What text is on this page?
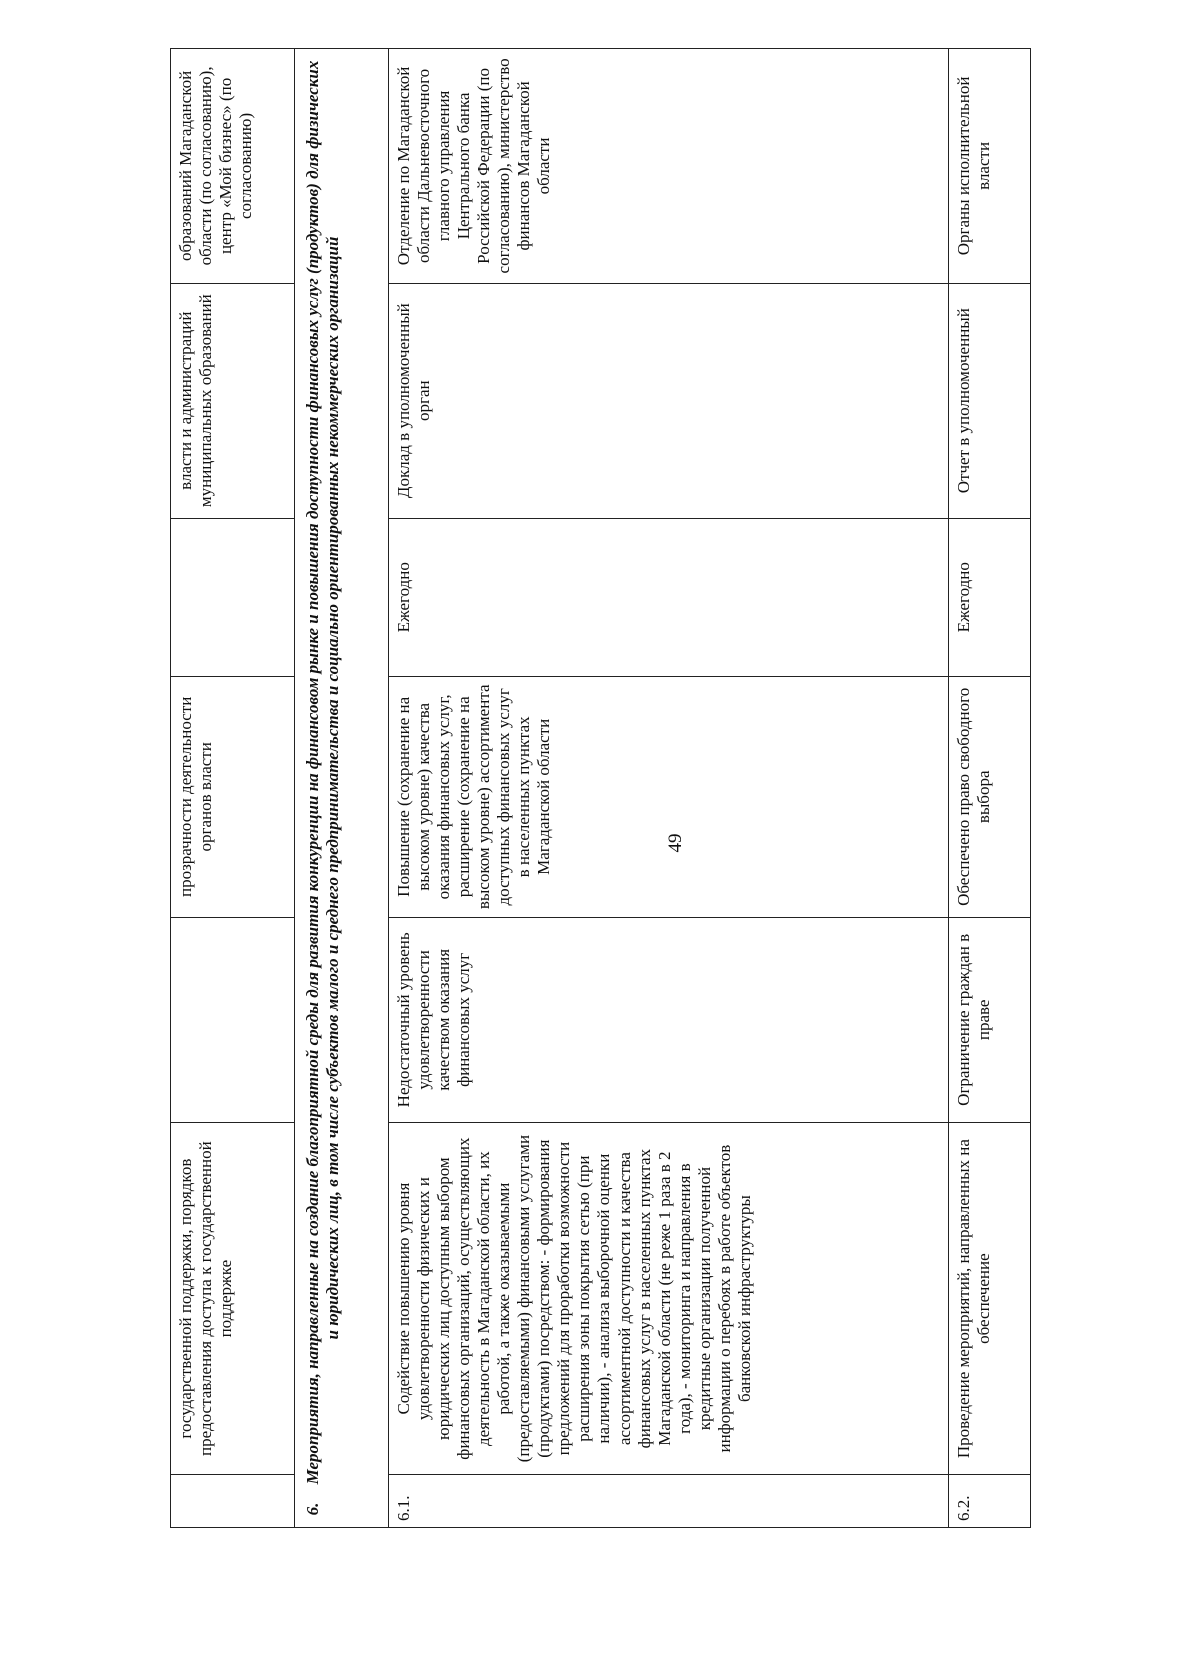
49
	государственной поддержки, порядков предоставления доступа к государственной поддержке		прозрачности деятельности органов власти		власти и администраций муниципальных образований	образований Магаданской области (по согласованию), центр «Мой бизнес» (по согласованию)
6. Мероприятия, направленные на создание благоприятной среды для развития конкуренции на финансовом рынке и повышения доступности финансовых услуг (продуктов) для физических и юридических лиц, в том числе субъектов малого и среднего предпринимательства и социально ориентированных некоммерческих организаций						
6.1.	Содействие повышению уровня удовлетворенности физических и юридических лиц доступным выбором финансовых организаций, осуществляющих деятельность в Магаданской области, их работой, а также оказываемыми (предоставляемыми) финансовыми услугами (продуктами) посредством: - формирования предложений для проработки возможности расширения зоны покрытия сетью (при наличии), - анализа выборочной оценки ассортиментной доступности и качества финансовых услуг в населенных пунктах Магаданской области (не реже 1 раза в 2 года), - мониторинга и направления в кредитные организации полученной информации о перебоях в работе объектов банковской инфраструктуры	Недостаточный уровень удовлетворенности качеством оказания финансовых услуг	Повышение (сохранение на высоком уровне) качества оказания финансовых услуг, расширение (сохранение на высоком уровне) ассортимента доступных финансовых услуг в населенных пунктах Магаданской области	Ежегодно	Доклад в уполномоченный орган	Отделение по Магаданской области Дальневосточного главного управления Центрального банка Российской Федерации (по согласованию), министерство финансов Магаданской области
6.2.	Проведение мероприятий, направленных на обеспечение	Ограничение граждан в праве	Обеспечено право свободного выбора	Ежегодно	Отчет в уполномоченный	Органы исполнительной власти
